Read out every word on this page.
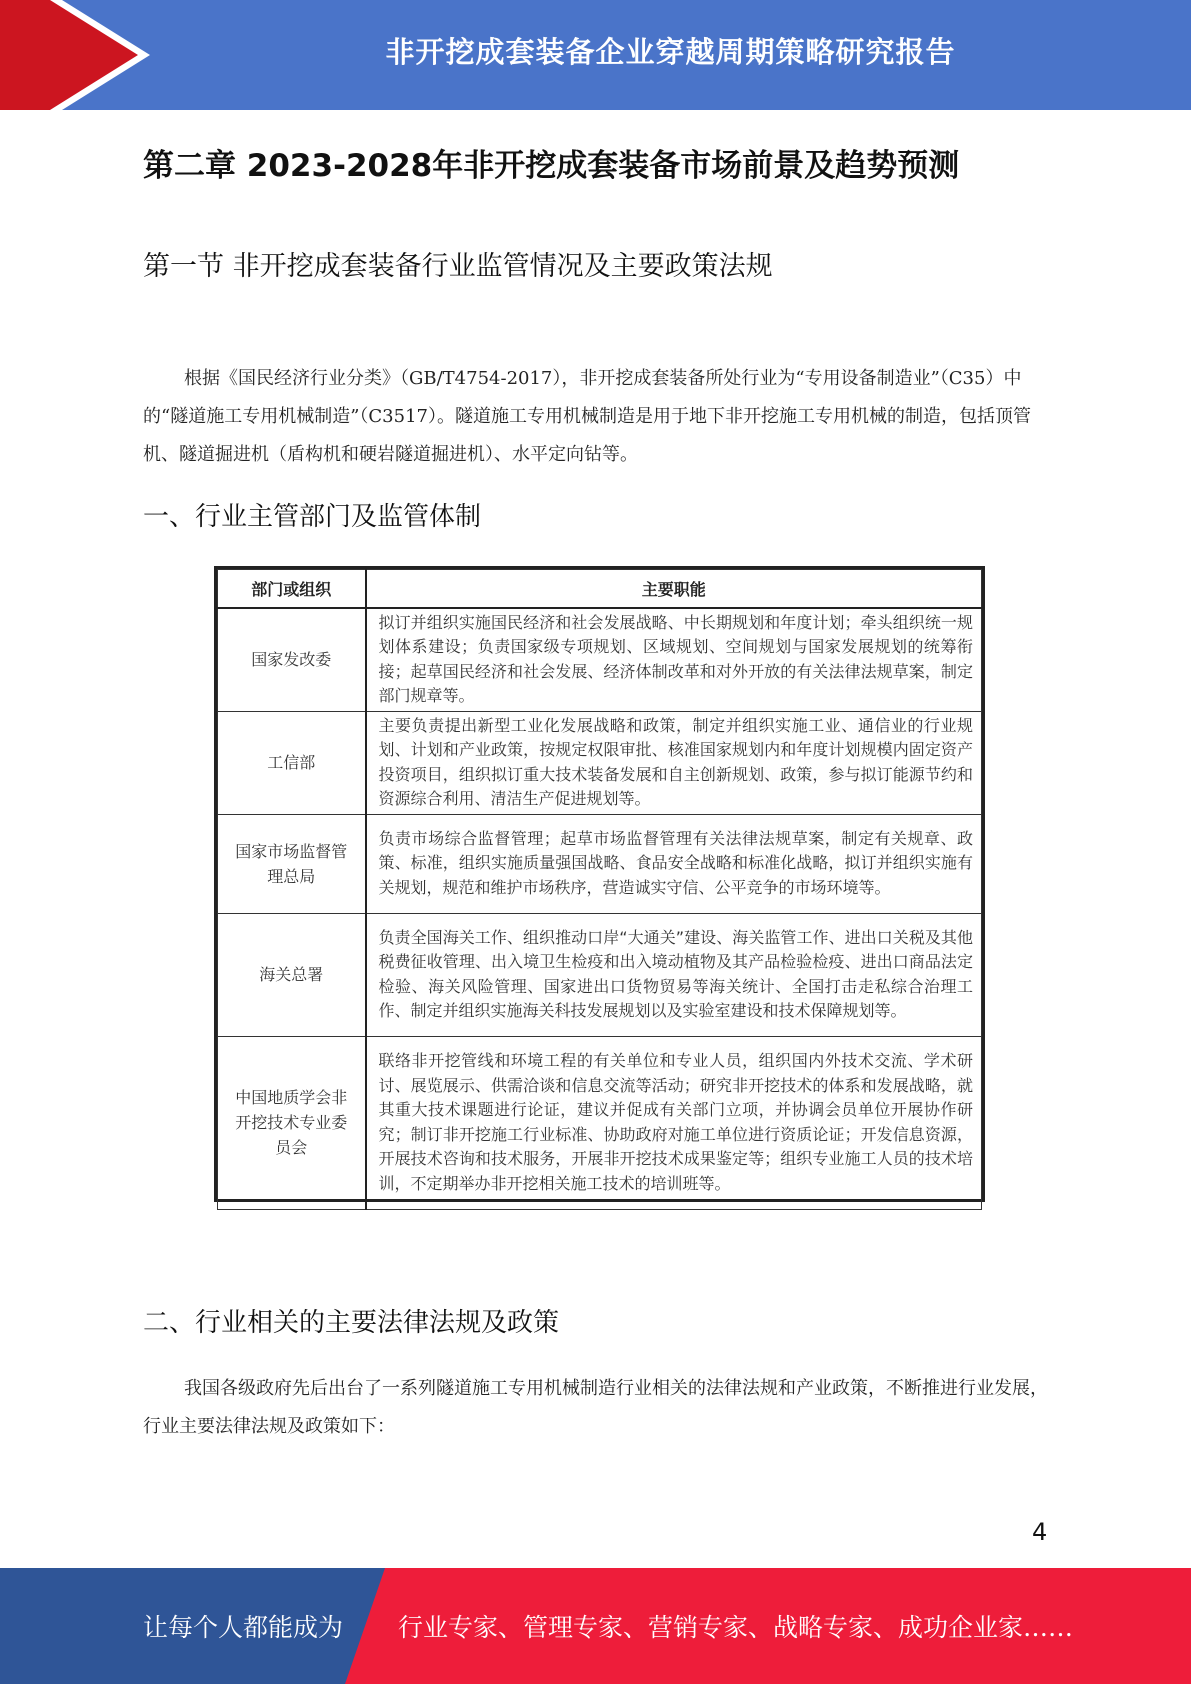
非开挖成套装备企业穿越周期策略研究报告
第二章 2023-2028年非开挖成套装备市场前景及趋势预测
第一节 非开挖成套装备行业监管情况及主要政策法规
根据《国民经济行业分类》（GB/T4754-2017），非开挖成套装备所处行业为“专用设备制造业”（C35）中的“隧道施工专用机械制造”（C3517）。隧道施工专用机械制造是用于地下非开挖施工专用机械的制造，包括顶管机、隧道掘进机（盾构机和硬岩隧道掘进机）、水平定向钻等。
一、行业主管部门及监管体制
部门或组织	主要职能
国家发改委	拟订并组织实施国民经济和社会发展战略、中长期规划和年度计划；牵头组织统一规划体系建设；负责国家级专项规划、区域规划、空间规划与国家发展规划的统筹衔接；起草国民经济和社会发展、经济体制改革和对外开放的有关法律法规草案，制定部门规章等。
工信部	主要负责提出新型工业化发展战略和政策，制定并组织实施工业、通信业的行业规划、计划和产业政策，按规定权限审批、核准国家规划内和年度计划规模内固定资产投资项目，组织拟订重大技术装备发展和自主创新规划、政策，参与拟订能源节约和资源综合利用、清洁生产促进规划等。
国家市场监督管理总局	负责市场综合监督管理；起草市场监督管理有关法律法规草案，制定有关规章、政策、标准，组织实施质量强国战略、食品安全战略和标准化战略，拟订并组织实施有关规划，规范和维护市场秩序，营造诚实守信、公平竞争的市场环境等。
海关总署	负责全国海关工作、组织推动口岸“大通关”建设、海关监管工作、进出口关税及其他税费征收管理、出入境卫生检疫和出入境动植物及其产品检验检疫、进出口商品法定检验、海关风险管理、国家进出口货物贸易等海关统计、全国打击走私综合治理工作、制定并组织实施海关科技发展规划以及实验室建设和技术保障规划等。
中国地质学会非开挖技术专业委员会	联络非开挖管线和环境工程的有关单位和专业人员，组织国内外技术交流、学术研讨、展览展示、供需洽谈和信息交流等活动；研究非开挖技术的体系和发展战略，就其重大技术课题进行论证，建议并促成有关部门立项，并协调会员单位开展协作研究；制订非开挖施工行业标准、协助政府对施工单位进行资质论证；开发信息资源，开展技术咨询和技术服务，开展非开挖技术成果鉴定等；组织专业施工人员的技术培训，不定期举办非开挖相关施工技术的培训班等。
二、行业相关的主要法律法规及政策
我国各级政府先后出台了一系列隧道施工专用机械制造行业相关的法律法规和产业政策，不断推进行业发展，行业主要法律法规及政策如下：
4
让每个人都能成为 行业专家、管理专家、营销专家、战略专家、成功企业家……
